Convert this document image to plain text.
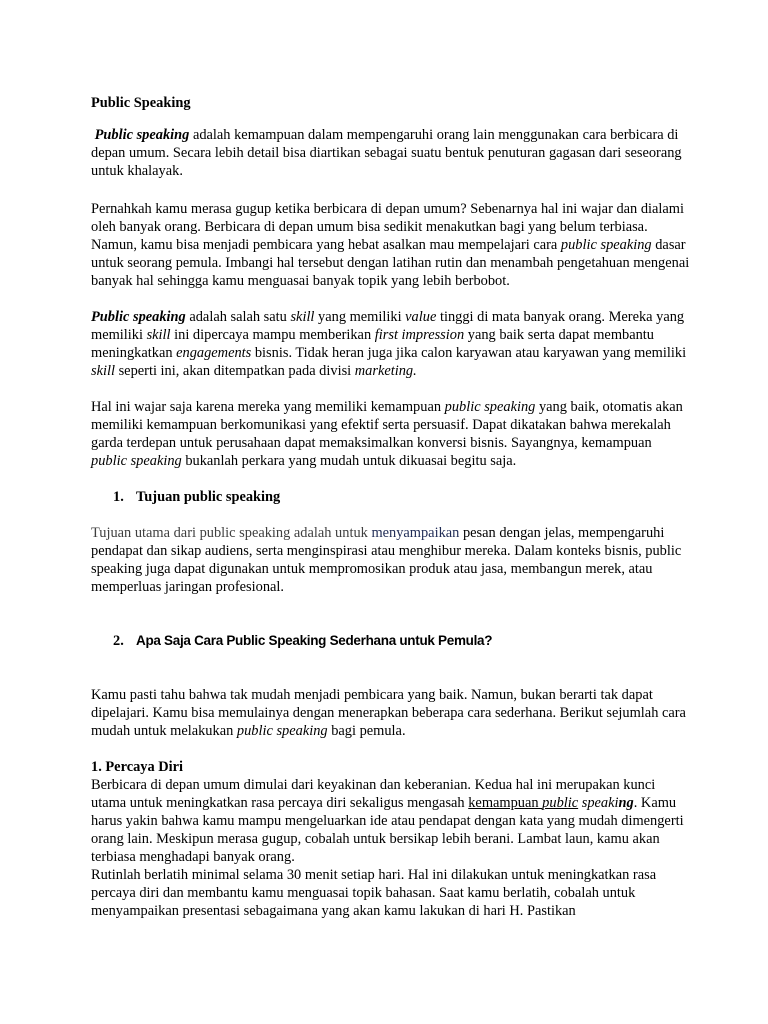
Public Speaking

Public speaking adalah kemampuan dalam mempengaruhi orang lain menggunakan cara berbicara di depan umum. Secara lebih detail bisa diartikan sebagai suatu bentuk penuturan gagasan dari seseorang untuk khalayak.

Pernahkah kamu merasa gugup ketika berbicara di depan umum? Sebenarnya hal ini wajar dan dialami oleh banyak orang. Berbicara di depan umum bisa sedikit menakutkan bagi yang belum terbiasa. Namun, kamu bisa menjadi pembicara yang hebat asalkan mau mempelajari cara public speaking dasar untuk seorang pemula. Imbangi hal tersebut dengan latihan rutin dan menambah pengetahuan mengenai banyak hal sehingga kamu menguasai banyak topik yang lebih berbobot.

Public speaking adalah salah satu skill yang memiliki value tinggi di mata banyak orang. Mereka yang memiliki skill ini dipercaya mampu memberikan first impression yang baik serta dapat membantu meningkatkan engagements bisnis. Tidak heran juga jika calon karyawan atau karyawan yang memiliki skill seperti ini, akan ditempatkan pada divisi marketing.

Hal ini wajar saja karena mereka yang memiliki kemampuan public speaking yang baik, otomatis akan memiliki kemampuan berkomunikasi yang efektif serta persuasif. Dapat dikatakan bahwa merekalah garda terdepan untuk perusahaan dapat memaksimalkan konversi bisnis. Sayangnya, kemampuan public speaking bukanlah perkara yang mudah untuk dikuasai begitu saja.

1. Tujuan public speaking

Tujuan utama dari public speaking adalah untuk menyampaikan pesan dengan jelas, mempengaruhi pendapat dan sikap audiens, serta menginspirasi atau menghibur mereka. Dalam konteks bisnis, public speaking juga dapat digunakan untuk mempromosikan produk atau jasa, membangun merek, atau memperluas jaringan profesional.

2. Apa Saja Cara Public Speaking Sederhana untuk Pemula?

Kamu pasti tahu bahwa tak mudah menjadi pembicara yang baik. Namun, bukan berarti tak dapat dipelajari. Kamu bisa memulainya dengan menerapkan beberapa cara sederhana. Berikut sejumlah cara mudah untuk melakukan public speaking bagi pemula.

1. Percaya Diri

Berbicara di depan umum dimulai dari keyakinan dan keberanian. Kedua hal ini merupakan kunci utama untuk meningkatkan rasa percaya diri sekaligus mengasah kemampuan public speaking. Kamu harus yakin bahwa kamu mampu mengeluarkan ide atau pendapat dengan kata yang mudah dimengerti orang lain. Meskipun merasa gugup, cobalah untuk bersikap lebih berani. Lambat laun, kamu akan terbiasa menghadapi banyak orang.

Rutinlah berlatih minimal selama 30 menit setiap hari. Hal ini dilakukan untuk meningkatkan rasa percaya diri dan membantu kamu menguasai topik bahasan. Saat kamu berlatih, cobalah untuk menyampaikan presentasi sebagaimana yang akan kamu lakukan di hari H. Pastikan
